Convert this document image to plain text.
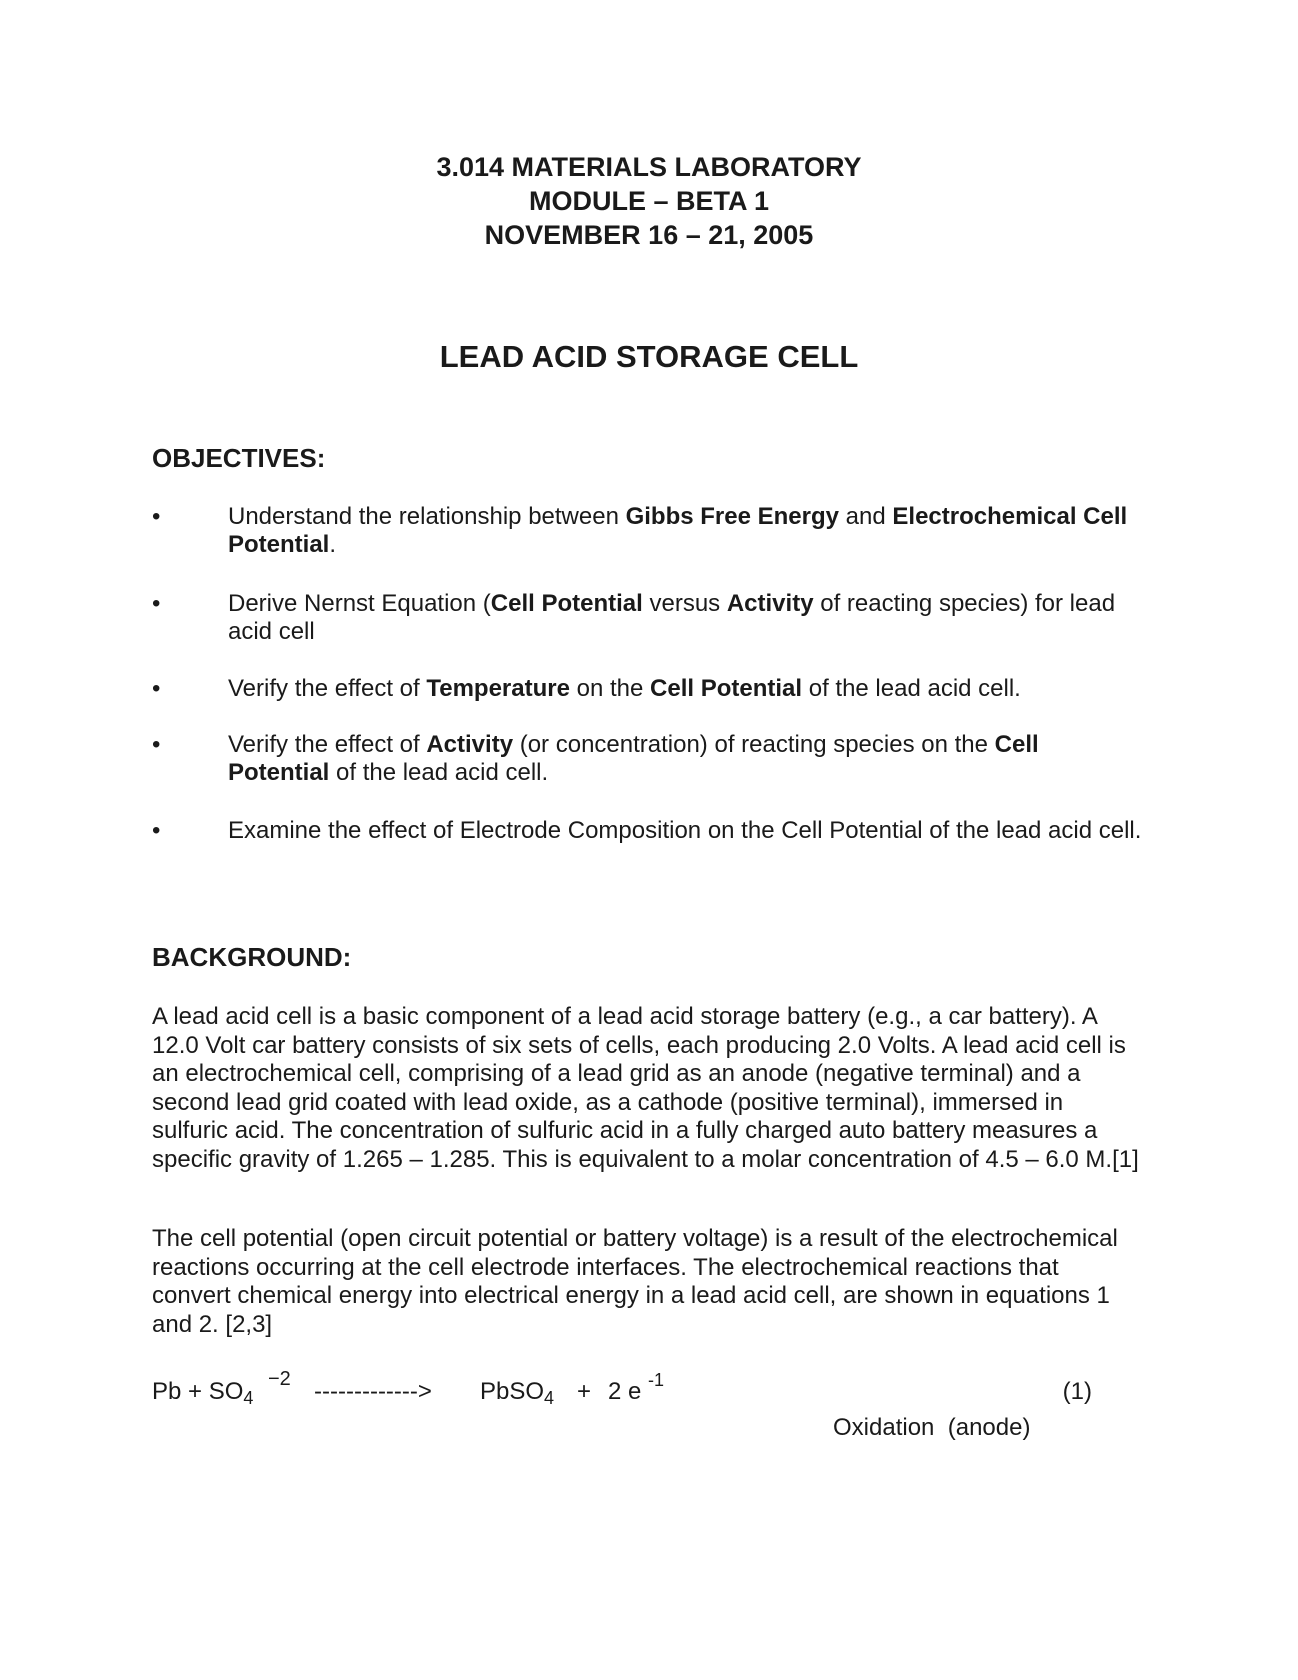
3.014 MATERIALS LABORATORY
MODULE – BETA 1
NOVEMBER 16 – 21, 2005
LEAD ACID STORAGE CELL
OBJECTIVES:
•	Understand the relationship between Gibbs Free Energy and Electrochemical Cell Potential.
•	Derive Nernst Equation (Cell Potential versus Activity of reacting species) for lead acid cell
•	Verify the effect of Temperature on the Cell Potential of the lead acid cell.
•	Verify the effect of Activity (or concentration) of reacting species on the Cell Potential of the lead acid cell.
•	Examine the effect of Electrode Composition on the Cell Potential of the lead acid cell.
BACKGROUND:
A lead acid cell is a basic component of a lead acid storage battery (e.g., a car battery). A 12.0 Volt car battery consists of six sets of cells, each producing 2.0 Volts. A lead acid cell is an electrochemical cell, comprising of a lead grid as an anode (negative terminal) and a second lead grid coated with lead oxide, as a cathode (positive terminal), immersed in sulfuric acid. The concentration of sulfuric acid in a fully charged auto battery measures a specific gravity of 1.265 – 1.285. This is equivalent to a molar concentration of 4.5 – 6.0 M.[1]
The cell potential (open circuit potential or battery voltage) is a result of the electrochemical reactions occurring at the cell electrode interfaces. The electrochemical reactions that convert chemical energy into electrical energy in a lead acid cell, are shown in equations 1 and 2. [2,3]
$Pb + SO_4$
−2 -------------> PbSO$_4$ + 2 e -1	(1)
Oxidation  (anode)
